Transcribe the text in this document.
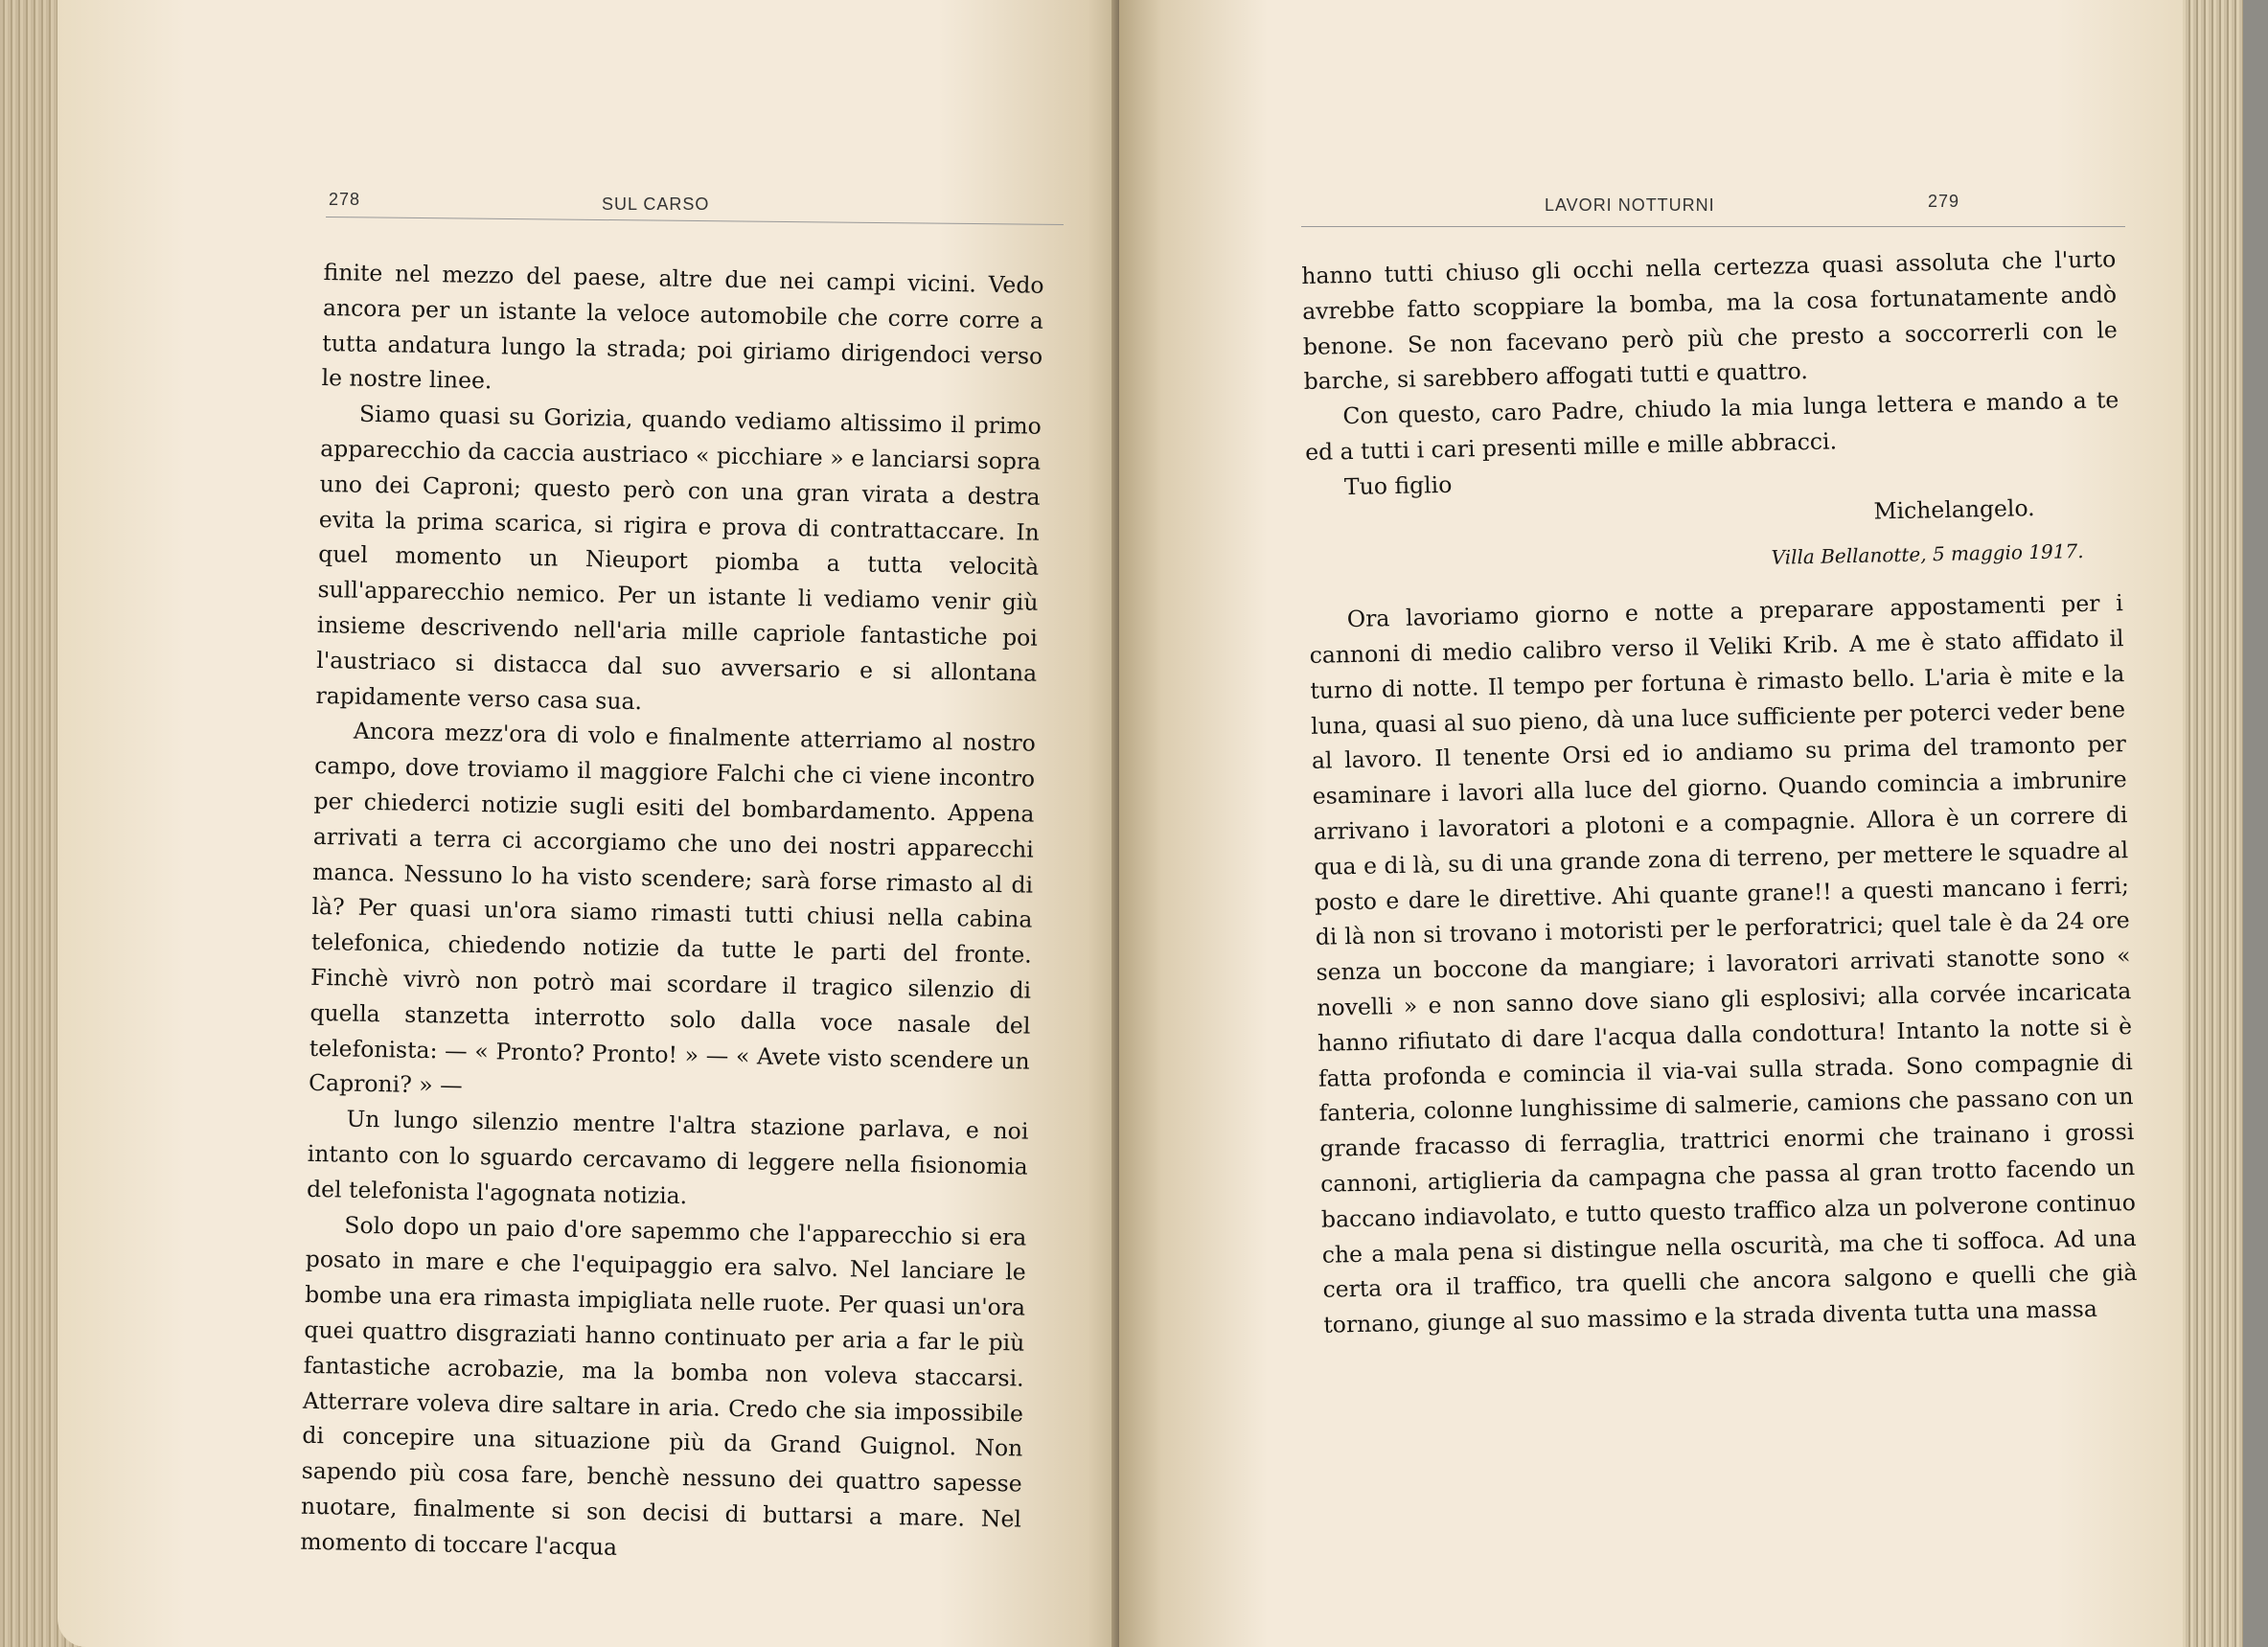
278	SUL CARSO

finite nel mezzo del paese, altre due nei campi vicini. Vedo ancora per un istante la veloce automobile che corre corre a tutta andatura lungo la strada; poi giriamo dirigendoci verso le nostre linee.

Siamo quasi su Gorizia, quando vediamo altissimo il primo apparecchio da caccia austriaco « picchiare » e lanciarsi sopra uno dei Caproni; questo però con una gran virata a destra evita la prima scarica, si rigira e prova di contrattaccare. In quel momento un Nieuport piomba a tutta velocità sull'apparecchio nemico. Per un istante li vediamo venir giù insieme descrivendo nell'aria mille capriole fantastiche poi l'austriaco si distacca dal suo avversario e si allontana rapidamente verso casa sua.

Ancora mezz'ora di volo e finalmente atterriamo al nostro campo, dove troviamo il maggiore Falchi che ci viene incontro per chiederci notizie sugli esiti del bombardamento. Appena arrivati a terra ci accorgiamo che uno dei nostri apparecchi manca. Nessuno lo ha visto scendere; sarà forse rimasto al di là? Per quasi un'ora siamo rimasti tutti chiusi nella cabina telefonica, chiedendo notizie da tutte le parti del fronte. Finchè vivrò non potrò mai scordare il tragico silenzio di quella stanzetta interrotto solo dalla voce nasale del telefonista: — « Pronto? Pronto! » — « Avete visto scendere un Caproni? » —

Un lungo silenzio mentre l'altra stazione parlava, e noi intanto con lo sguardo cercavamo di leggere nella fisionomia del telefonista l'agognata notizia.

Solo dopo un paio d'ore sapemmo che l'apparecchio si era posato in mare e che l'equipaggio era salvo. Nel lanciare le bombe una era rimasta impigliata nelle ruote. Per quasi un'ora quei quattro disgraziati hanno continuato per aria a far le più fantastiche acrobazie, ma la bomba non voleva staccarsi. Atterrare voleva dire saltare in aria. Credo che sia impossibile di concepire una situazione più da Grand Guignol. Non sapendo più cosa fare, benchè nessuno dei quattro sapesse nuotare, finalmente si son decisi di buttarsi a mare. Nel momento di toccare l'acqua

LAVORI NOTTURNI	279

hanno tutti chiuso gli occhi nella certezza quasi assoluta che l'urto avrebbe fatto scoppiare la bomba, ma la cosa fortunatamente andò benone. Se non facevano però più che presto a soccorrerli con le barche, si sarebbero affogati tutti e quattro.

Con questo, caro Padre, chiudo la mia lunga lettera e mando a te ed a tutti i cari presenti mille e mille abbracci.

Tuo figlio

Michelangelo.

Villa Bellanotte, 5 maggio 1917.

Ora lavoriamo giorno e notte a preparare appostamenti per i cannoni di medio calibro verso il Veliki Krib. A me è stato affidato il turno di notte. Il tempo per fortuna è rimasto bello. L'aria è mite e la luna, quasi al suo pieno, dà una luce sufficiente per poterci veder bene al lavoro. Il tenente Orsi ed io andiamo su prima del tramonto per esaminare i lavori alla luce del giorno. Quando comincia a imbrunire arrivano i lavoratori a plotoni e a compagnie. Allora è un correre di qua e di là, su di una grande zona di terreno, per mettere le squadre al posto e dare le direttive. Ahi quante grane!! a questi mancano i ferri; di là non si trovano i motoristi per le perforatrici; quel tale è da 24 ore senza un boccone da mangiare; i lavoratori arrivati stanotte sono « novelli » e non sanno dove siano gli esplosivi; alla corvée incaricata hanno rifiutato di dare l'acqua dalla condottura! Intanto la notte si è fatta profonda e comincia il via-vai sulla strada. Sono compagnie di fanteria, colonne lunghissime di salmerie, camions che passano con un grande fracasso di ferraglia, trattrici enormi che trainano i grossi cannoni, artiglieria da campagna che passa al gran trotto facendo un baccano indiavolato, e tutto questo traffico alza un polverone continuo che a mala pena si distingue nella oscurità, ma che ti soffoca. Ad una certa ora il traffico, tra quelli che ancora salgono e quelli che già tornano, giunge al suo massimo e la strada diventa tutta una massa
